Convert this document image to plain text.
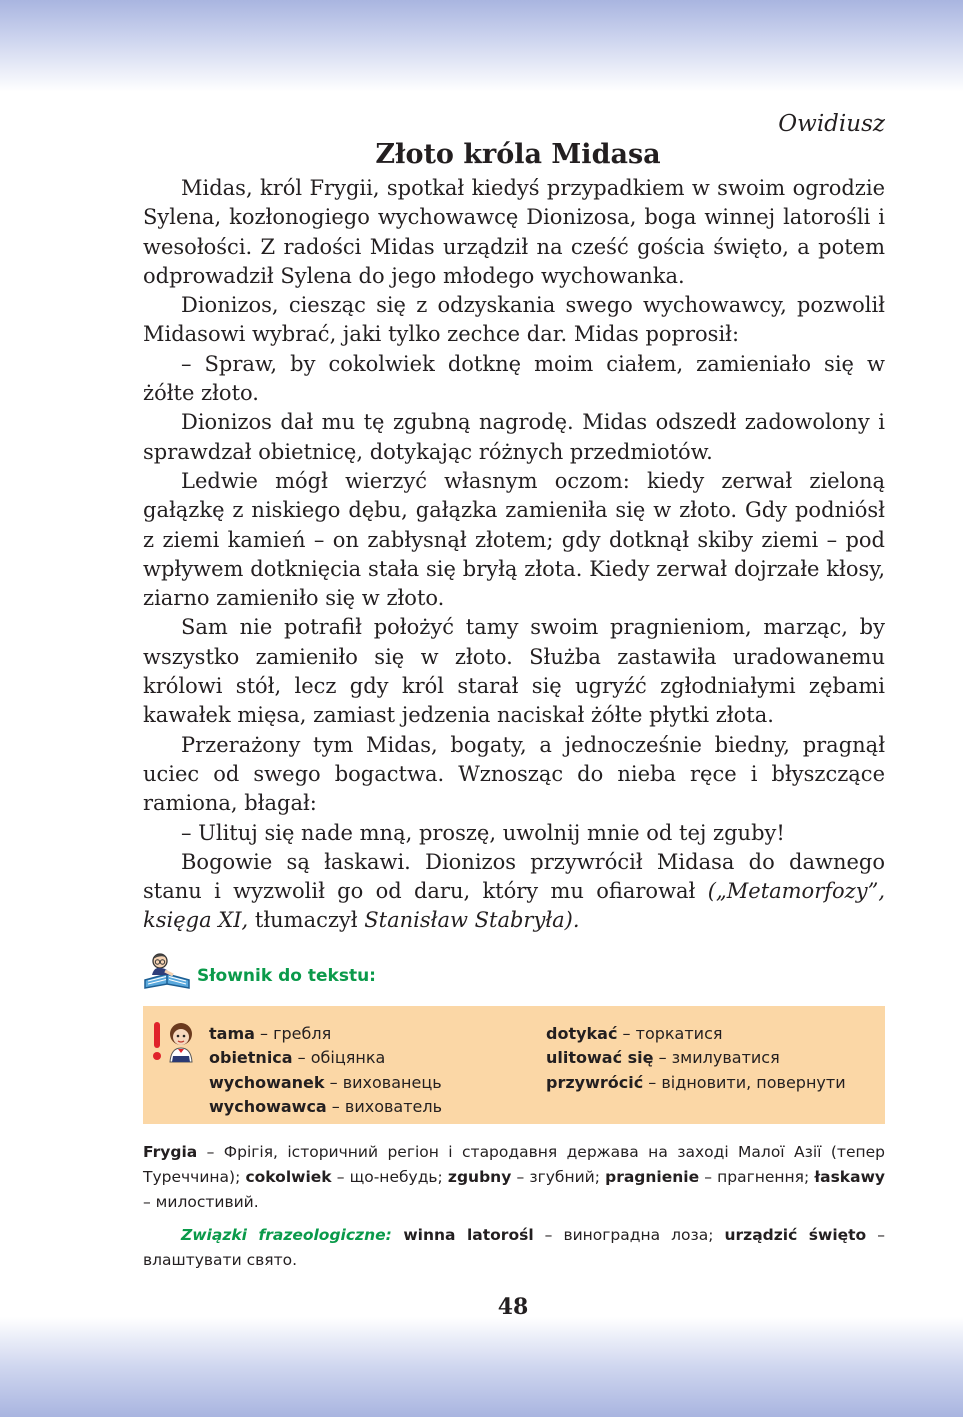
Owidiusz
Złoto króla Midasa

Midas, król Frygii, spotkał kiedyś przypadkiem w swoim ogrodzie Sylena, kozłonogiego wychowawcę Dionizosa, boga winnej latorośli i wesołości. Z radości Midas urządził na cześć gościa święto, a potem odprowadził Sylena do jego młodego wychowanka.

Dionizos, ciesząc się z odzyskania swego wychowawcy, pozwolił Midasowi wybrać, jaki tylko zechce dar. Midas poprosił:

– Spraw, by cokolwiek dotknę moim ciałem, zamieniało się w żółte złoto.

Dionizos dał mu tę zgubną nagrodę. Midas odszedł zadowolony i sprawdzał obietnicę, dotykając różnych przedmiotów.

Ledwie mógł wierzyć własnym oczom: kiedy zerwał zieloną gałązkę z niskiego dębu, gałązka zamieniła się w złoto. Gdy podniósł z ziemi kamień – on zabłysnął złotem; gdy dotknął skiby ziemi – pod wpływem dotknięcia stała się bryłą złota. Kiedy zerwał dojrzałe kłosy, ziarno zamieniło się w złoto.

Sam nie potrafił położyć tamy swoim pragnieniom, marząc, by wszystko zamieniło się w złoto. Służba zastawiła uradowanemu królowi stół, lecz gdy król starał się ugryźć zgłodniałymi zębami kawałek mięsa, zamiast jedzenia naciskał żółte płytki złota.

Przerażony tym Midas, bogaty, a jednocześnie biedny, pragnął uciec od swego bogactwa. Wznosząc do nieba ręce i błyszczące ramiona, błagał:

– Ulituj się nade mną, proszę, uwolnij mnie od tej zguby!

Bogowie są łaskawi. Dionizos przywrócił Midasa do dawnego stanu i wyzwolił go od daru, który mu ofiarował („Metamorfozy”, księga XI, tłumaczył Stanisław Stabryła).

Słownik do tekstu:
tama – гребля
obietnica – обіцянка
wychowanek – вихованець
wychowawca – вихователь
dotykać – торкатися
ulitować się – змилуватися
przywrócić – відновити, повернути

Frygia – Фрігія, історичний регіон і стародавня держава на заході Малої Азії (тепер Туреччина); cokolwiek – що-небудь; zgubny – згубний; pragnienie – прагнення; łaskawy – милостивий.

Związki frazeologiczne: winna latorośl – виноградна лоза; urządzić święto – влаштувати свято.

48
